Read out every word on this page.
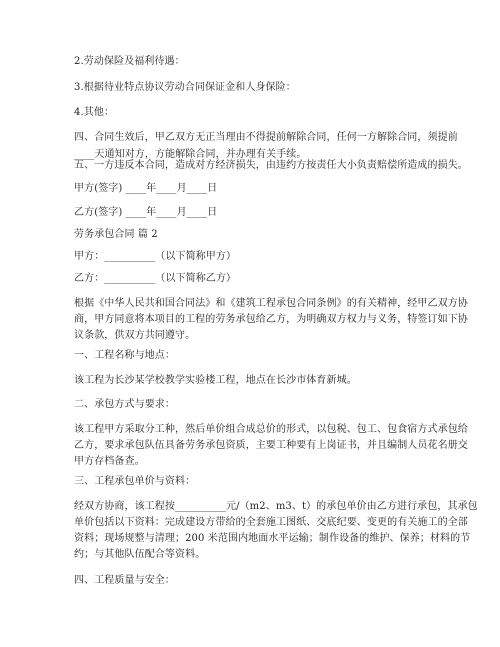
2.劳动保险及福利待遇：
3.根据待业特点协议劳动合同保证金和人身保险：
4.其他：
四、合同生效后，甲乙双方无正当理由不得提前解除合同，任何一方解除合同，须提前
____天通知对方，方能解除合同，并办理有关手续。
五、一方违反本合同，造成对方经济损失，由违约方按责任大小负责赔偿所造成的损失。
甲方(签字) ____年____月____日
乙方(签字) ____年____月____日
劳务承包合同 篇 2
甲方：__________（以下简称甲方）
乙方：__________（以下简称乙方）
根据《中华人民共和国合同法》和《建筑工程承包合同条例》的有关精神，经甲乙双方协
商，甲方同意将本项目的工程的劳务承包给乙方，为明确双方权力与义务，特签订如下协
议条款，供双方共同遵守。
一、工程名称与地点：
该工程为长沙某学校教学实验楼工程，地点在长沙市体育新城。
二、承包方式与要求：
该工程甲方采取分工种，然后单价组合成总价的形式，以包税、包工、包食宿方式承包给
乙方，要求承包队伍具备劳务承包资质，主要工种要有上岗证书，并且编制人员花名册交
甲方存档备查。
三、工程承包单价与资料：
经双方协商，该工程按__________元/（m2、m3、t）的承包单价由乙方进行承包，其承包
单价包括以下资料：完成建设方带给的全套施工图纸、交底纪要、变更的有关施工的全部
资料；现场规整与清理；200 米范围内地面水平运输；制作设备的维护、保养；材料的节
约；与其他队伍配合等资料。
四、工程质量与安全：
